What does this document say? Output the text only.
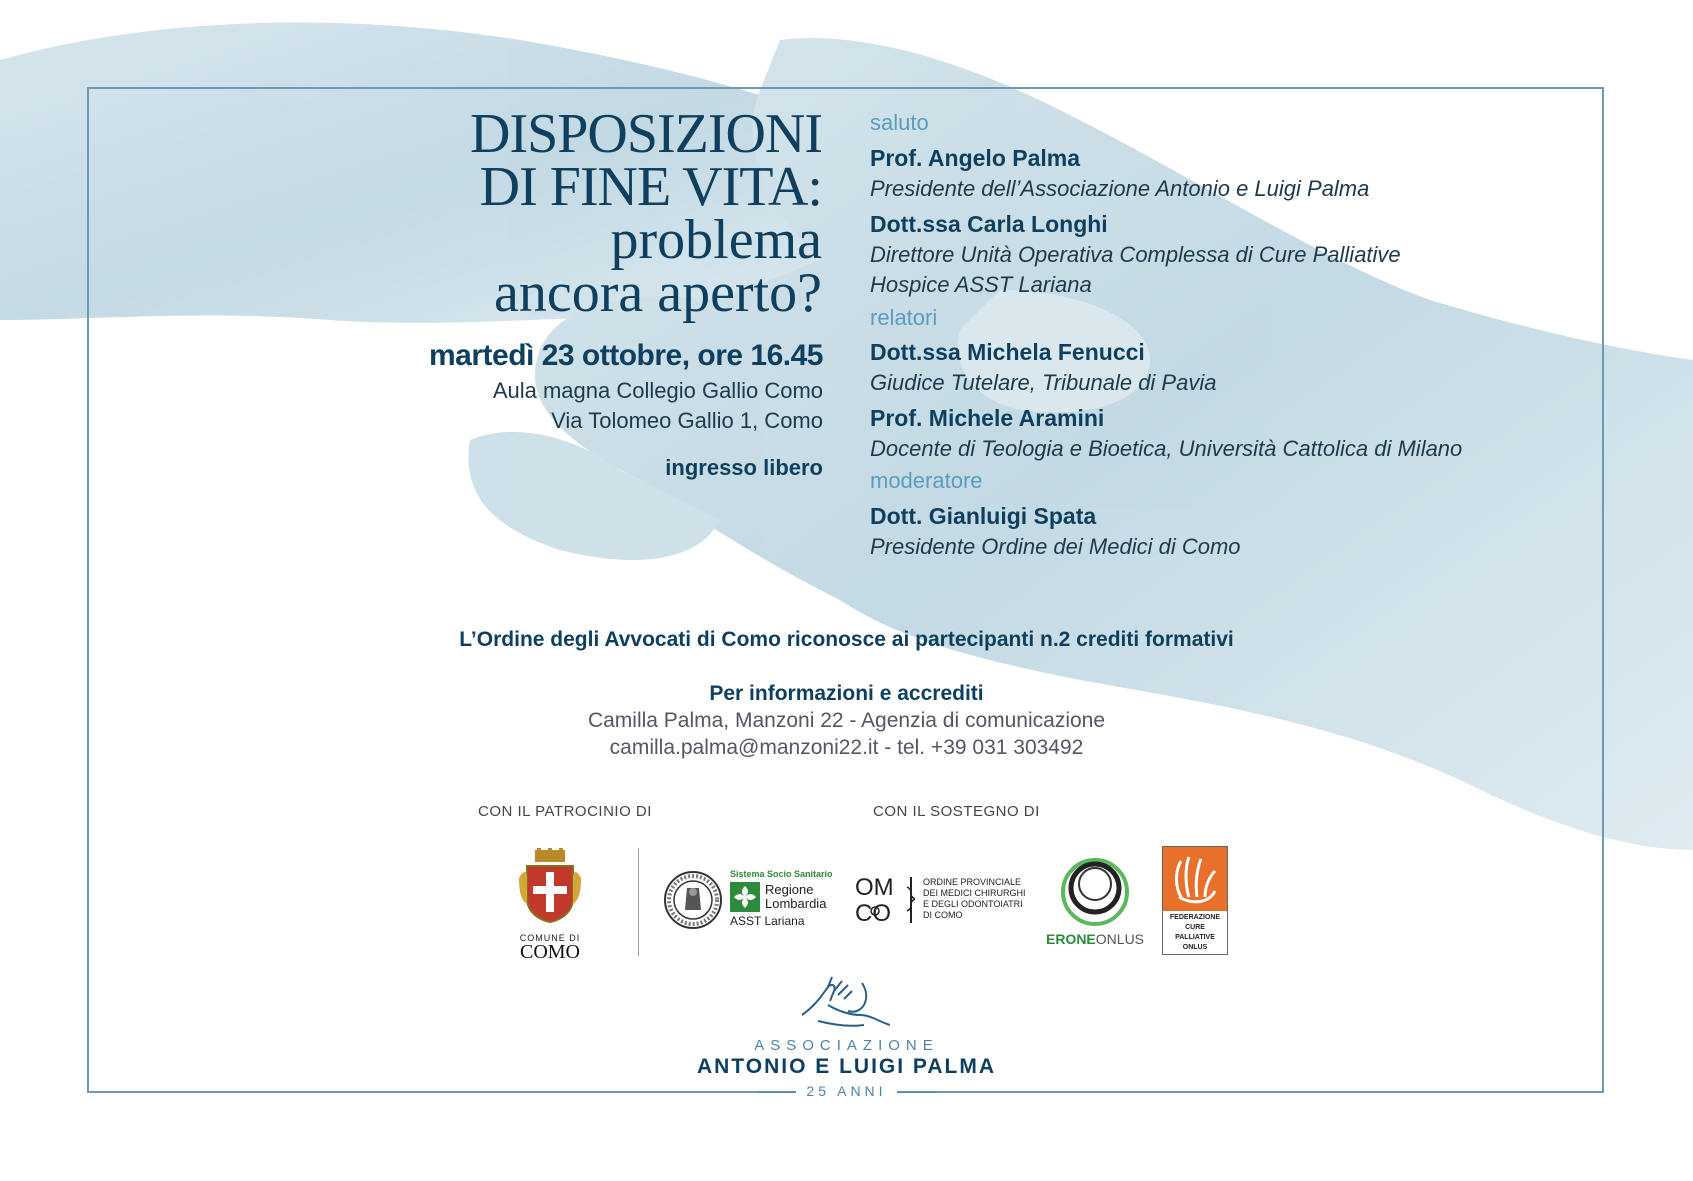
DISPOSIZIONI
DI FINE VITA:
problema
ancora aperto?
martedì 23 ottobre, ore 16.45
Aula magna Collegio Gallio Como
Via Tolomeo Gallio 1, Como
ingresso libero
saluto
Prof. Angelo Palma
Presidente dell’Associazione Antonio e Luigi Palma
Dott.ssa Carla Longhi
Direttore Unità Operativa Complessa di Cure Palliative
Hospice ASST Lariana
relatori
Dott.ssa Michela Fenucci
Giudice Tutelare, Tribunale di Pavia
Prof. Michele Aramini
Docente di Teologia e Bioetica, Università Cattolica di Milano
moderatore
Dott. Gianluigi Spata
Presidente Ordine dei Medici di Como
L’Ordine degli Avvocati di Como riconosce ai partecipanti n.2 crediti formativi
Per informazioni e accrediti
Camilla Palma, Manzoni 22 - Agenzia di comunicazione
camilla.palma@manzoni22.it - tel. +39 031 303492
CON IL PATROCINIO DI	CON IL SOSTEGNO DI
COMUNE DI
COMO
Sistema Socio Sanitario
Regione
Lombardia
ASST Lariana
OM
CO
ORDINE PROVINCIALE
DEI MEDICI CHIRURGHI
E DEGLI ODONTOIATRI
DI COMO
ERONEONLUS
FEDERAZIONE
CURE
PALLIATIVE
ONLUS
ASSOCIAZIONE
ANTONIO E LUIGI PALMA
25 ANNI
